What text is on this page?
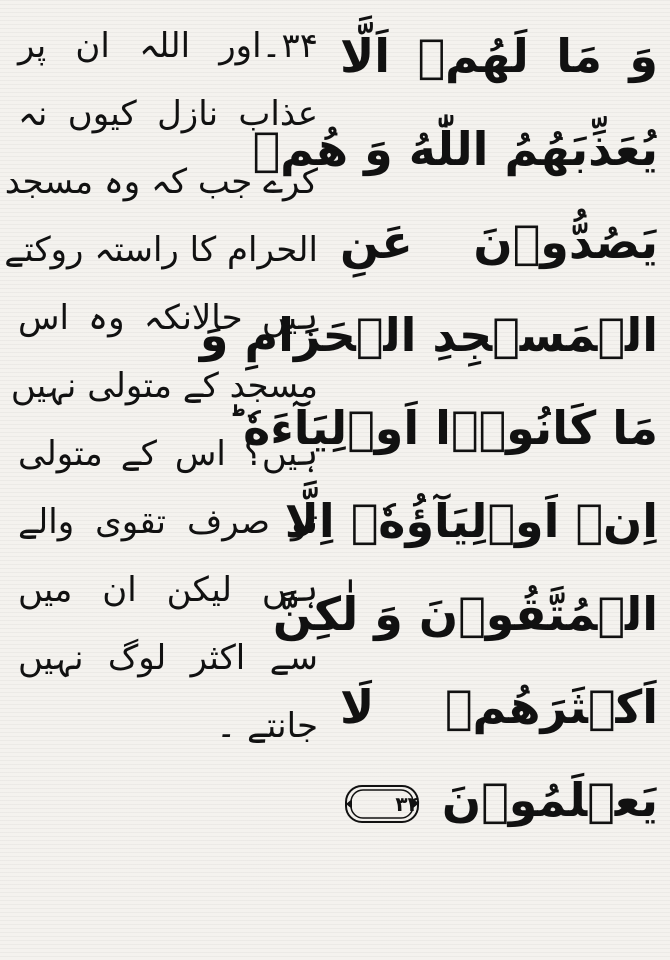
وَ مَا لَهُمۡ اَلَّا
یُعَذِّبَهُمُ اللّٰهُ وَ هُمۡ
یَصُدُّوۡنَ عَنِ
الۡمَسۡجِدِ الۡحَرَامِ وَ
مَا كَانُوۡۤا اَوۡلِیَآءَهٗ ؕ
اِنۡ اَوۡلِیَآؤُهٗۤ اِلَّا
الۡمُتَّقُوۡنَ وَ لٰكِنَّ
اَكۡثَرَهُمۡ لَا
یَعۡلَمُوۡنَ
۳۴
۳۴۔اور اللہ ان پر
عذاب نازل کیوں نہ
کرے جب کہ وہ مسجد
الحرام کا راستہ روکتے
ہیں حالانکہ وہ اس
مسجد کے متولی نہیں
ہیں؟ اس کے متولی
تو صرف تقوی والے
ہیں لیکن ان میں
سے اکثر لوگ نہیں
جانتے ۔
